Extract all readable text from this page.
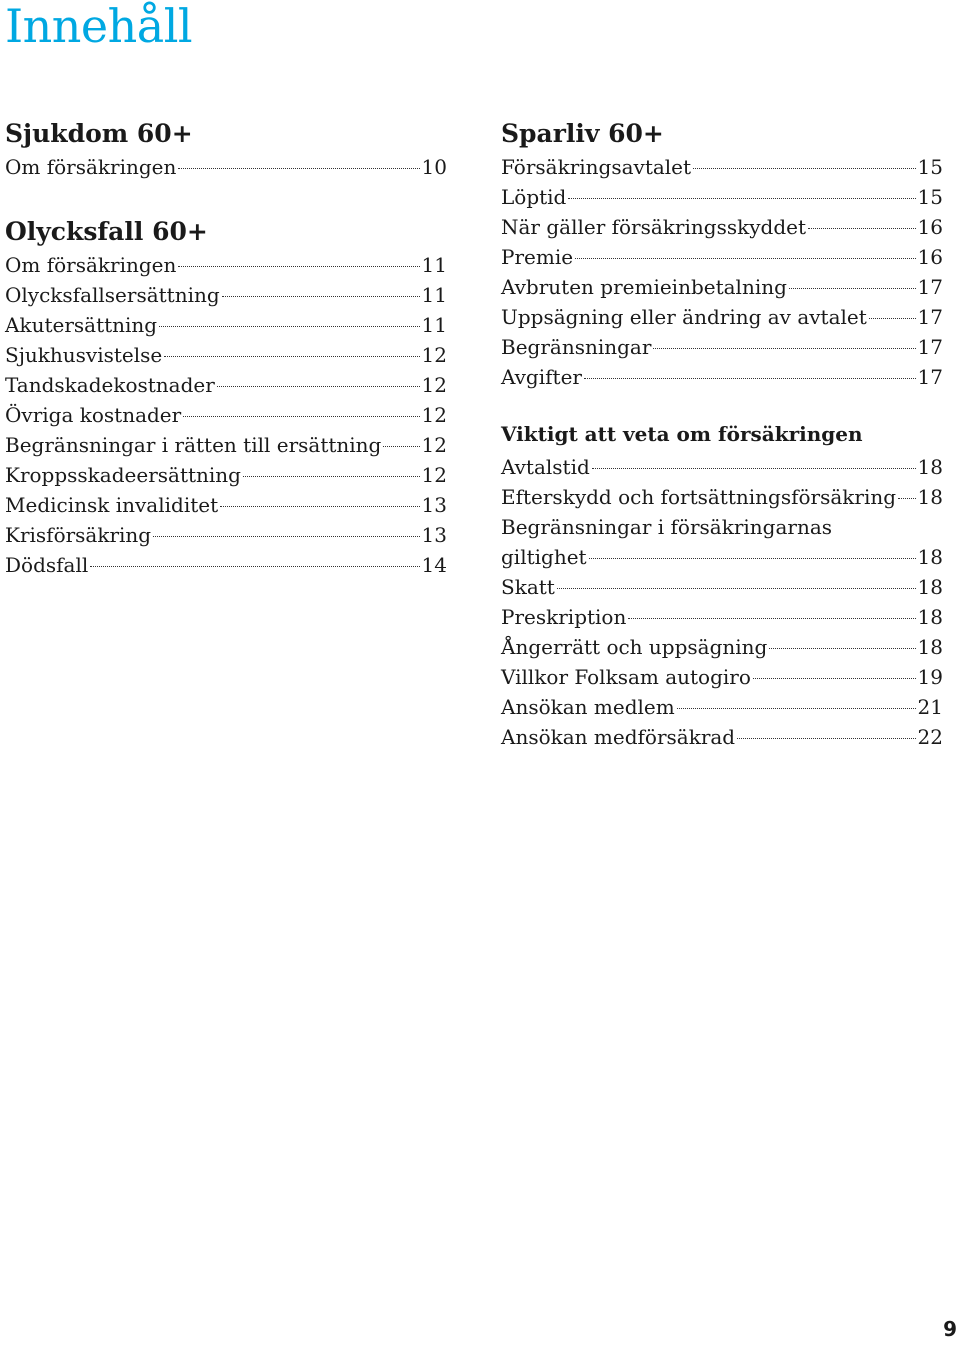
Innehåll
Sjukdom 60+
Om försäkringen	10
Olycksfall 60+
Om försäkringen	11
Olycksfallsersättning	11
Akutersättning	11
Sjukhusvistelse	12
Tandskadekostnader	12
Övriga kostnader	12
Begränsningar i rätten till ersättning 12
Kroppsskadeersättning	12
Medicinsk invaliditet	13
Krisförsäkring	13
Dödsfall	14
Sparliv 60+
Försäkringsavtalet	15
Löptid	15
När gäller försäkringsskyddet	16
Premie	16
Avbruten premieinbetalning	17
Uppsägning eller ändring av avtalet	17
Begränsningar	17
Avgifter	17
Viktigt att veta om försäkringen
Avtalstid	18
Efterskydd och fortsättningsförsäkring 18
Begränsningar i försäkringarnas
giltighet	18
Skatt	18
Preskription	18
Ångerrätt och uppsägning	18
Villkor Folksam autogiro	19
Ansökan medlem	21
Ansökan medförsäkrad	22
9
